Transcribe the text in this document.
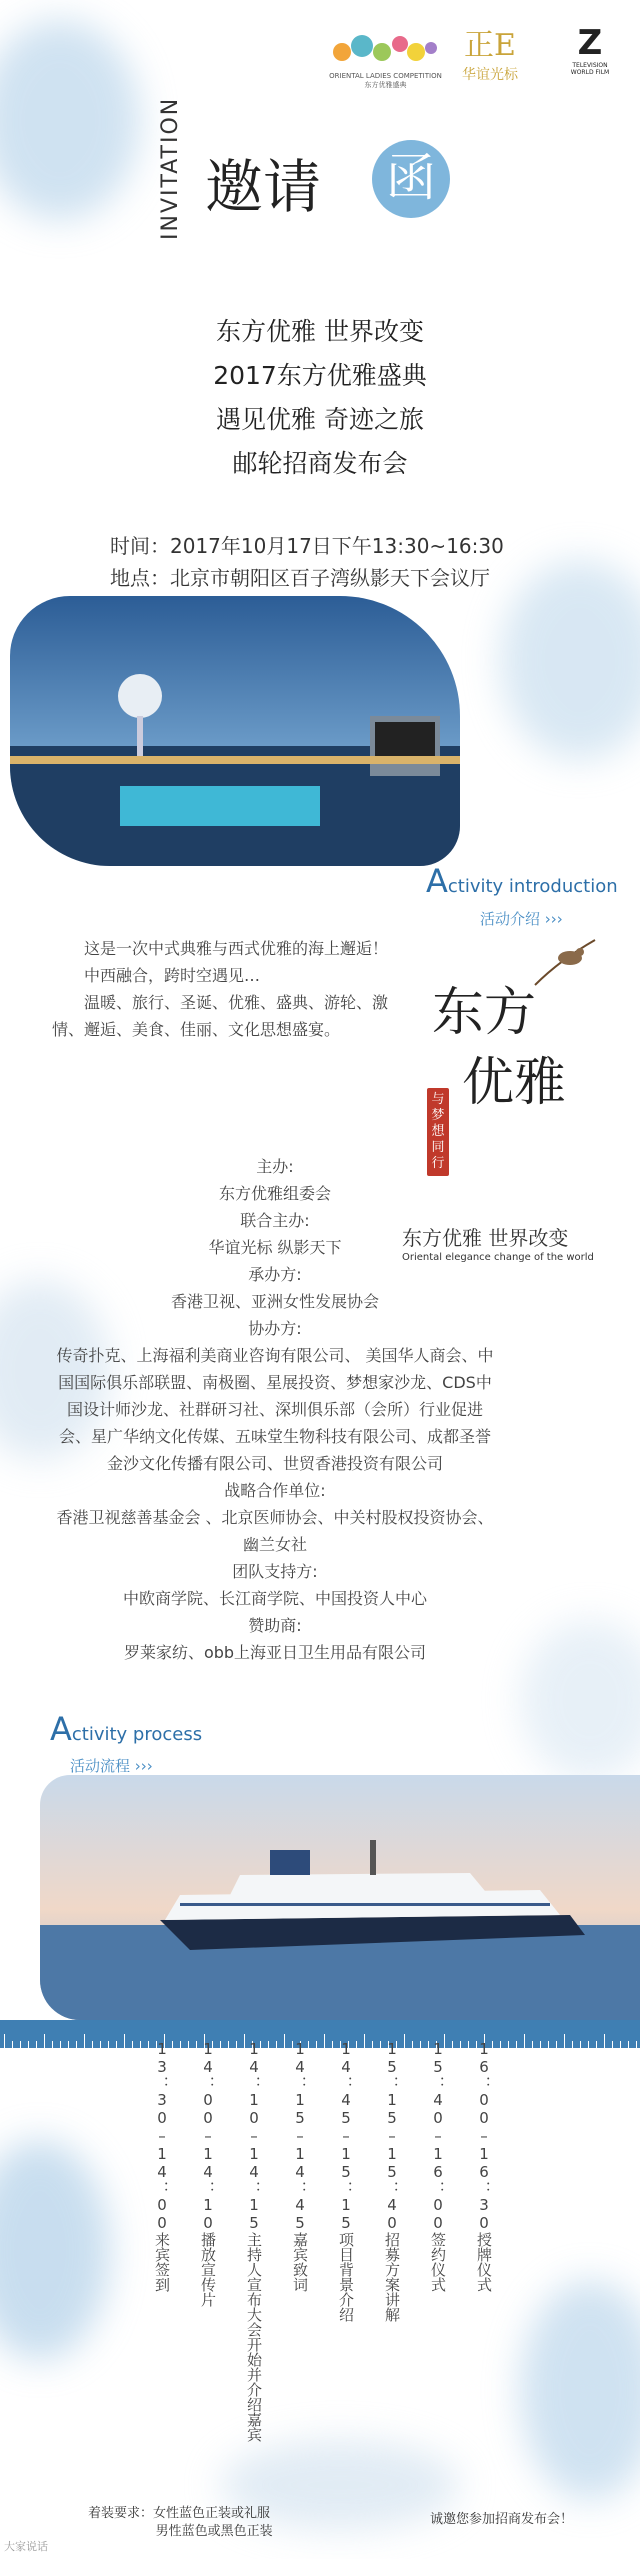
ORIENTAL LADIES COMPETITION
东方优雅盛典
正E
华谊光标
Z
TELEVISION WORLD FILM
INVITATION 邀请 函
东方优雅 世界改变
2017东方优雅盛典
遇见优雅 奇迹之旅
邮轮招商发布会
时间：2017年10月17日下午13:30~16:30
地点：北京市朝阳区百子湾纵影天下会议厅
Activity introduction
活动介绍 ›››
这是一次中式典雅与西式优雅的海上邂逅！
中西融合，跨时空遇见…
温暖、旅行、圣诞、优雅、盛典、游轮、激情、邂逅、美食、佳丽、文化思想盛宴。	东方
优雅
与梦想同行
东方优雅 世界改变
Oriental elegance change of the world
主办:
东方优雅组委会
联合主办:
华谊光标 纵影天下
承办方:
香港卫视、亚洲女性发展协会
协办方:
传奇扑克、上海福利美商业咨询有限公司、 美国华人商会、中国国际俱乐部联盟、南极圈、星展投资、梦想家沙龙、CDS中国设计师沙龙、社群研习社、深圳俱乐部（会所）行业促进会、星广华纳文化传媒、五味堂生物科技有限公司、成都圣誉金沙文化传播有限公司、世贸香港投资有限公司
战略合作单位:
香港卫视慈善基金会 、北京医师协会、中关村股权投资协会、幽兰女社
团队支持方:
中欧商学院、长江商学院、中国投资人中心
赞助商:
罗莱家纺、obb上海亚日卫生用品有限公司
Activity process
活动流程 ›››
13：30–14：00来宾签到
14：00–14：10播放宣传片
14：10–14：15主持人宣布大会开始并介绍嘉宾
14：15–14：45嘉宾致词
14：45–15：15项目背景介绍
15：15–15：40招募方案讲解
15：40–16：00签约仪式
16：00–16：30授牌仪式
着装要求：女性蓝色正装或礼服
男性蓝色或黑色正装
诚邀您参加招商发布会！
大家说话
